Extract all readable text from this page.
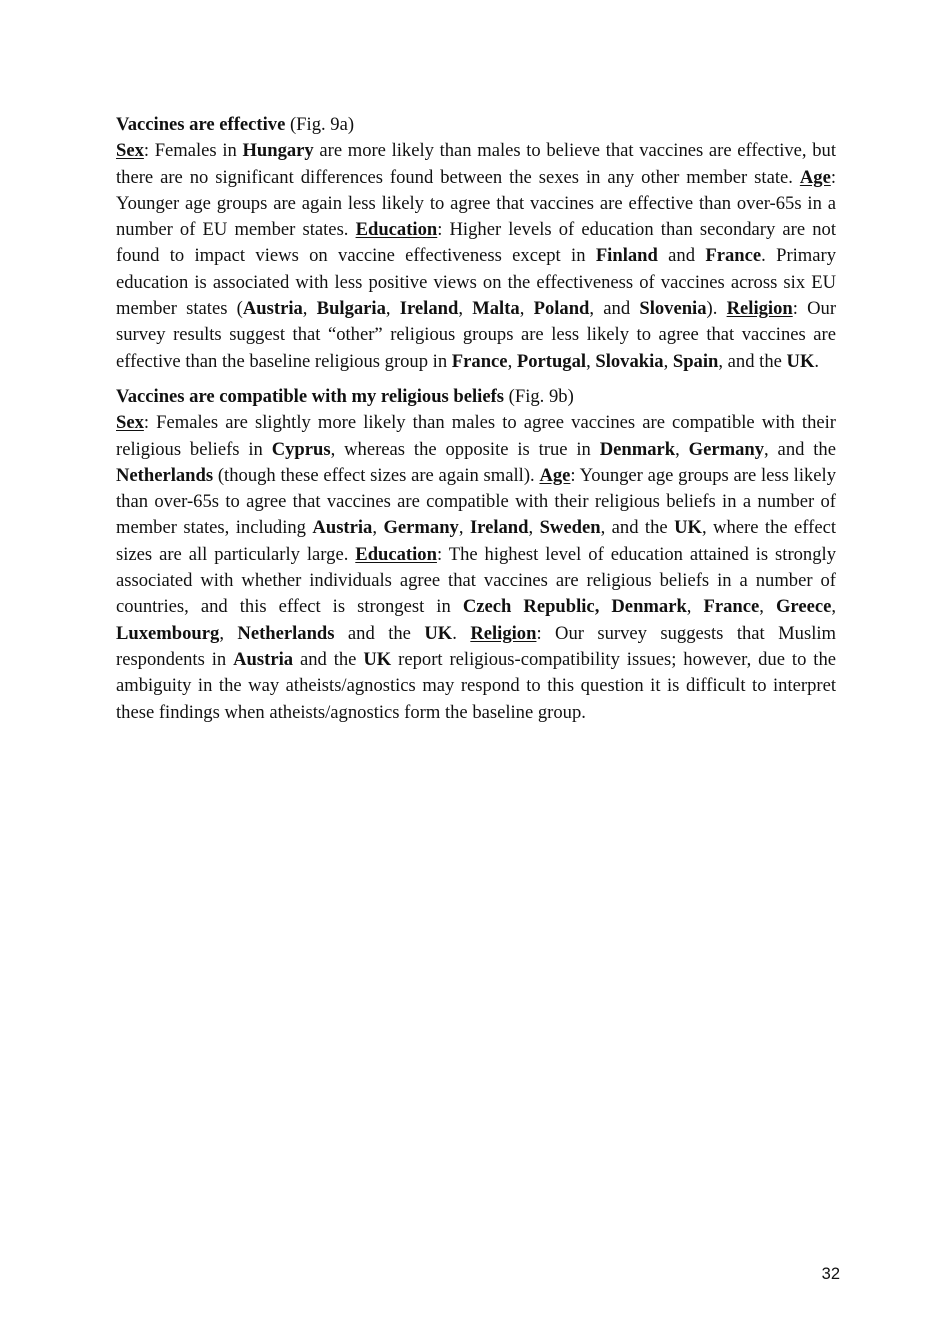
Vaccines are effective (Fig. 9a)

Sex: Females in Hungary are more likely than males to believe that vaccines are effective, but there are no significant differences found between the sexes in any other member state. Age: Younger age groups are again less likely to agree that vaccines are effective than over-65s in a number of EU member states. Education: Higher levels of education than secondary are not found to impact views on vaccine effectiveness except in Finland and France. Primary education is associated with less positive views on the effectiveness of vaccines across six EU member states (Austria, Bulgaria, Ireland, Malta, Poland, and Slovenia). Religion: Our survey results suggest that “other” religious groups are less likely to agree that vaccines are effective than the baseline religious group in France, Portugal, Slovakia, Spain, and the UK.

Vaccines are compatible with my religious beliefs (Fig. 9b)

Sex: Females are slightly more likely than males to agree vaccines are compatible with their religious beliefs in Cyprus, whereas the opposite is true in Denmark, Germany, and the Netherlands (though these effect sizes are again small). Age: Younger age groups are less likely than over-65s to agree that vaccines are compatible with their religious beliefs in a number of member states, including Austria, Germany, Ireland, Sweden, and the UK, where the effect sizes are all particularly large. Education: The highest level of education attained is strongly associated with whether individuals agree that vaccines are religious beliefs in a number of countries, and this effect is strongest in Czech Republic, Denmark, France, Greece, Luxembourg, Netherlands and the UK. Religion: Our survey suggests that Muslim respondents in Austria and the UK report religious-compatibility issues; however, due to the ambiguity in the way atheists/agnostics may respond to this question it is difficult to interpret these findings when atheists/agnostics form the baseline group.

32
